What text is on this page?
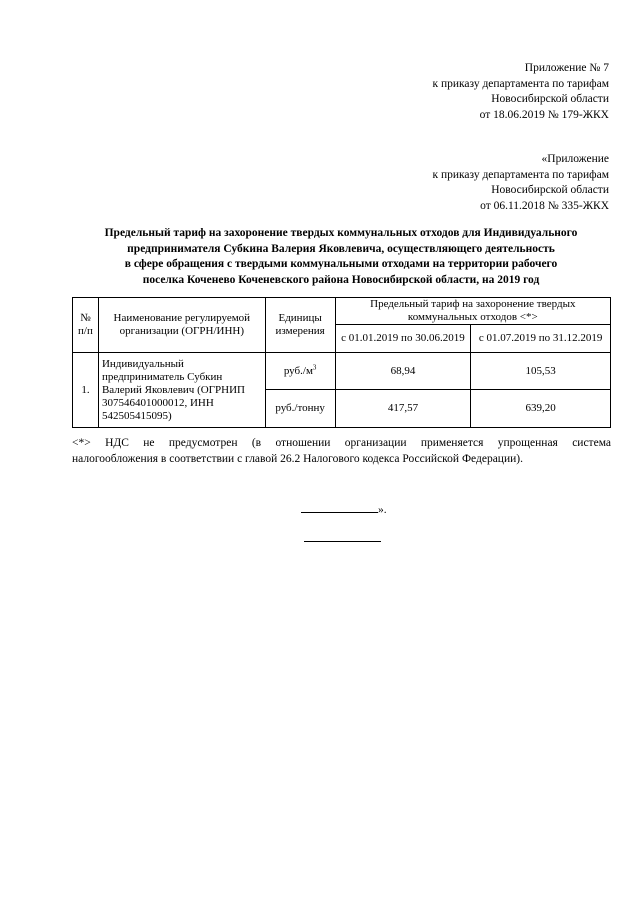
Приложение № 7
к приказу департамента по тарифам
Новосибирской области
от 18.06.2019 № 179-ЖКХ
«Приложение
к приказу департамента по тарифам
Новосибирской области
от 06.11.2018 № 335-ЖКХ
Предельный тариф на захоронение твердых коммунальных отходов для Индивидуального
предпринимателя Субкина Валерия Яковлевича, осуществляющего деятельность
в сфере обращения с твердыми коммунальными отходами на территории рабочего
поселка Коченево Коченевского района Новосибирской области, на 2019 год
№ п/п	Наименование регулируемой организации (ОГРН/ИНН)	Единицы измерения	Предельный тариф на захоронение твердых коммунальных отходов <*>	
			с 01.01.2019 по 30.06.2019	с 01.07.2019 по 31.12.2019
1.	Индивидуальный предприниматель Субкин Валерий Яковлевич (ОГРНИП 307546401000012, ИНН 542505415095)	$руб./м^3$	68,94	105,53
		руб./тонну	417,57	639,20
<*> НДС не предусмотрен (в отношении организации применяется упрощенная система
налогообложения в соответствии с главой 26.2 Налогового кодекса Российской Федерации).
».
